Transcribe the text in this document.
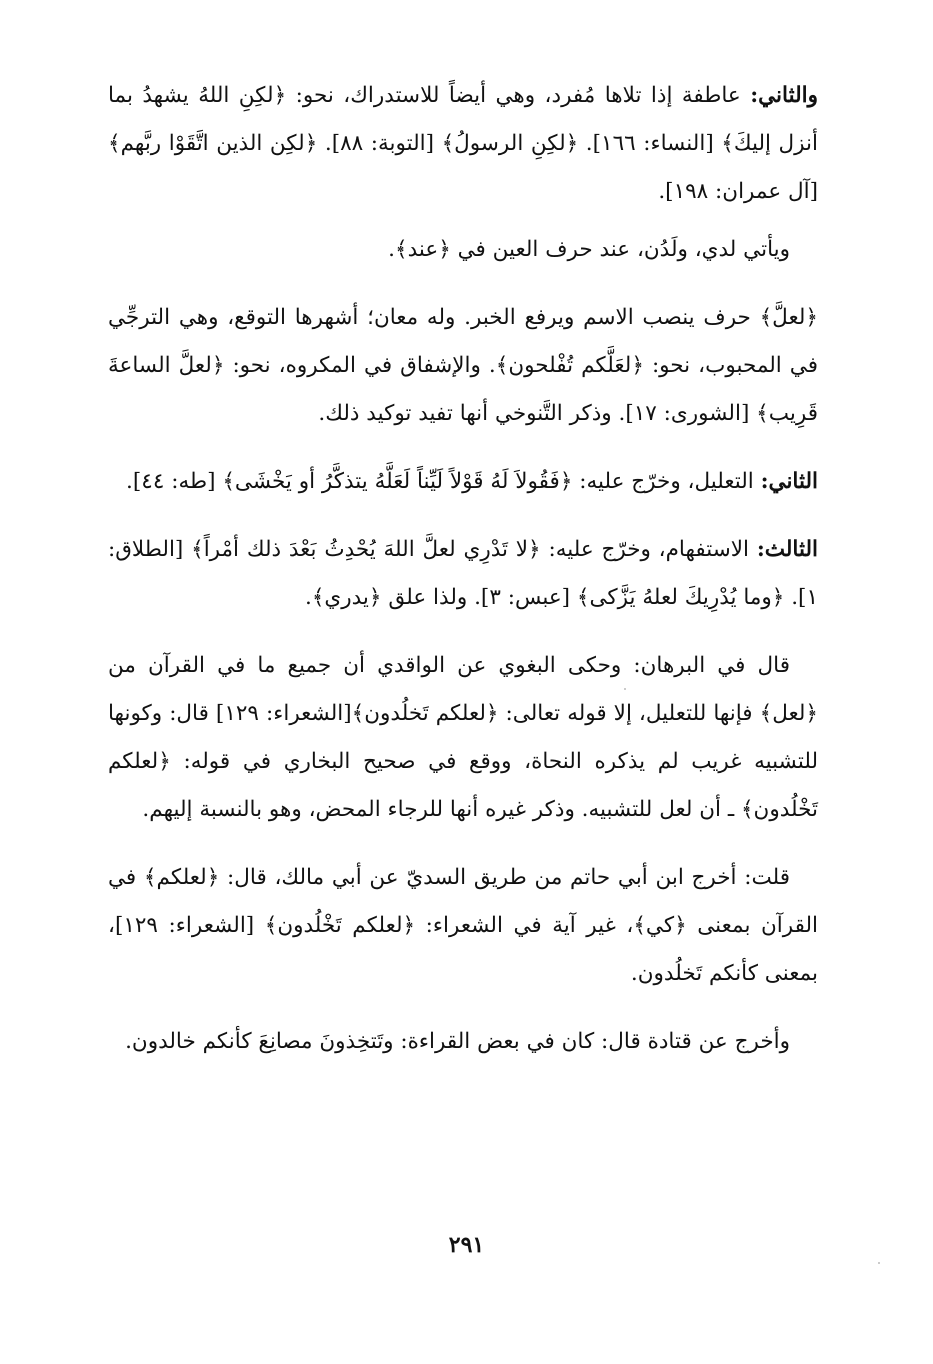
والثاني: عاطفة إذا تلاها مُفرد، وهي أيضاً للاستدراك، نحو: ﴿لكِنِ اللهُ يشهدُ بما أنزل إليكَ﴾ [النساء: ١٦٦]. ﴿لكِنِ الرسولُ﴾ [التوبة: ٨٨]. ﴿لكِن الذين اتَّقَوْا ربَّهم﴾ [آل عمران: ١٩٨].

ويأتي لدي، ولَدُن، عند حرف العين في ﴿عند﴾.

﴿لعلَّ﴾ حرف ينصب الاسم ويرفع الخبر. وله معان؛ أشهرها التوقع، وهي الترجِّي في المحبوب، نحو: ﴿لعَلَّكم تُفْلحون﴾. والإشفاق في المكروه، نحو: ﴿لعلَّ الساعةَ قَرِيب﴾ [الشورى: ١٧]. وذكر التَّنوخي أنها تفيد توكيد ذلك.

الثاني: التعليل، وخرّج عليه: ﴿فَقُولاَ لَهُ قَوْلاً لَيِّناً لَعَلَّهُ يتذكَّرُ أو يَخْشَى﴾ [طه: ٤٤].

الثالث: الاستفهام، وخرّج عليه: ﴿لا تَدْرِي لعلَّ اللهَ يُحْدِثُ بَعْدَ ذلك أمْراً﴾ [الطلاق: ١]. ﴿وما يُدْرِيكَ لعلهُ يَزَّكى﴾ [عبس: ٣]. ولذا علق ﴿يدري﴾.

قال في البرهان: وحكى البغوي عن الواقدي أن جميع ما في القرآن من ﴿لعل﴾ فإنها للتعليل، إلا قوله تعالى: ﴿لعلكم تَخلُدون﴾[الشعراء: ١٢٩] قال: وكونها للتشبيه غريب لم يذكره النحاة، ووقع في صحيح البخاري في قوله: ﴿لعلكم تَخْلُدون﴾ ـ أن لعل للتشبيه. وذكر غيره أنها للرجاء المحض، وهو بالنسبة إليهم.

قلت: أخرج ابن أبي حاتم من طريق السديّ عن أبي مالك، قال: ﴿لعلكم﴾ في القرآن بمعنى ﴿كي﴾، غير آية في الشعراء: ﴿لعلكم تَخْلُدون﴾ [الشعراء: ١٢٩]، بمعنى كأنكم تَخلُدون.

وأخرج عن قتادة قال: كان في بعض القراءة: وتَتخِذونَ مصانِعَ كأنكم خالدون.

٢٩١
